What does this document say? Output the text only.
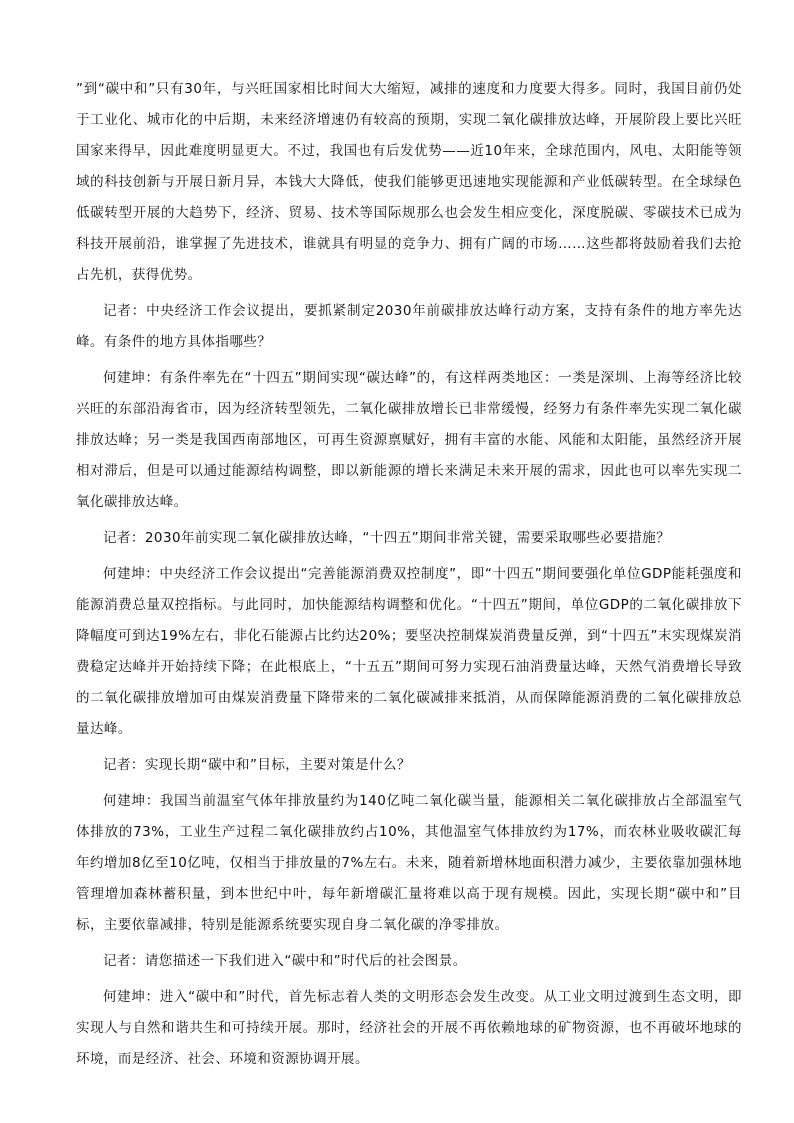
”到“碳中和”只有30年，与兴旺国家相比时间大大缩短，减排的速度和力度要大得多。同时，我国目前仍处于工业化、城市化的中后期，未来经济增速仍有较高的预期，实现二氧化碳排放达峰，开展阶段上要比兴旺国家来得早，因此难度明显更大。不过，我国也有后发优势——近10年来，全球范围内，风电、太阳能等领域的科技创新与开展日新月异，本钱大大降低，使我们能够更迅速地实现能源和产业低碳转型。在全球绿色低碳转型开展的大趋势下，经济、贸易、技术等国际规那么也会发生相应变化，深度脱碳、零碳技术已成为科技开展前沿，谁掌握了先进技术，谁就具有明显的竞争力、拥有广阔的市场……这些都将鼓励着我们去抢占先机，获得优势。

记者：中央经济工作会议提出，要抓紧制定2030年前碳排放达峰行动方案，支持有条件的地方率先达峰。有条件的地方具体指哪些？

何建坤：有条件率先在“十四五”期间实现“碳达峰”的，有这样两类地区：一类是深圳、上海等经济比较兴旺的东部沿海省市，因为经济转型领先，二氧化碳排放增长已非常缓慢，经努力有条件率先实现二氧化碳排放达峰；另一类是我国西南部地区，可再生资源禀赋好，拥有丰富的水能、风能和太阳能，虽然经济开展相对滞后，但是可以通过能源结构调整，即以新能源的增长来满足未来开展的需求，因此也可以率先实现二氧化碳排放达峰。

记者：2030年前实现二氧化碳排放达峰，“十四五”期间非常关键，需要采取哪些必要措施？

何建坤：中央经济工作会议提出“完善能源消费双控制度”，即“十四五”期间要强化单位GDP能耗强度和能源消费总量双控指标。与此同时，加快能源结构调整和优化。“十四五”期间，单位GDP的二氧化碳排放下降幅度可到达19%左右，非化石能源占比约达20%；要坚决控制煤炭消费量反弹，到“十四五”末实现煤炭消费稳定达峰并开始持续下降；在此根底上，“十五五”期间可努力实现石油消费量达峰，天然气消费增长导致的二氧化碳排放增加可由煤炭消费量下降带来的二氧化碳减排来抵消，从而保障能源消费的二氧化碳排放总量达峰。

记者：实现长期“碳中和”目标，主要对策是什么？

何建坤：我国当前温室气体年排放量约为140亿吨二氧化碳当量，能源相关二氧化碳排放占全部温室气体排放的73%，工业生产过程二氧化碳排放约占10%，其他温室气体排放约为17%，而农林业吸收碳汇每年约增加8亿至10亿吨，仅相当于排放量的7%左右。未来，随着新增林地面积潜力减少，主要依靠加强林地管理增加森林蓄积量，到本世纪中叶，每年新增碳汇量将难以高于现有规模。因此，实现长期“碳中和”目标，主要依靠减排，特别是能源系统要实现自身二氧化碳的净零排放。

记者：请您描述一下我们进入“碳中和”时代后的社会图景。

何建坤：进入“碳中和”时代，首先标志着人类的文明形态会发生改变。从工业文明过渡到生态文明，即实现人与自然和谐共生和可持续开展。那时，经济社会的开展不再依赖地球的矿物资源，也不再破坏地球的环境，而是经济、社会、环境和资源协调开展。
